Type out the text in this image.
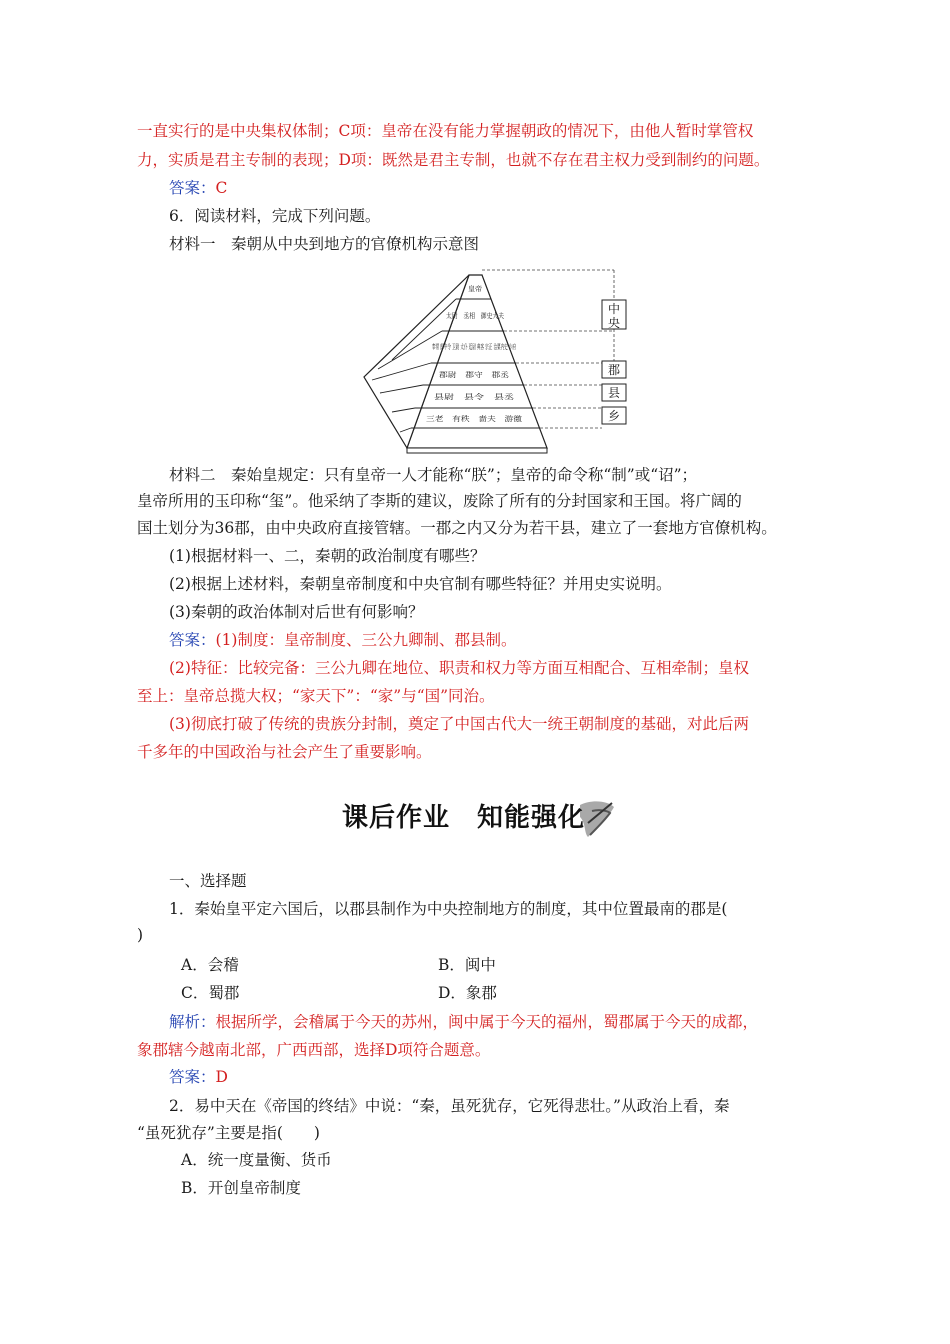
一直实行的是中央集权体制；C项：皇帝在没有能力掌握朝政的情况下，由他人暂时掌管权
力，实质是君主专制的表现；D项：既然是君主专制，也就不存在君主权力受到制约的问题。
答案：C
6．阅读材料，完成下列问题。
材料一　秦朝从中央到地方的官僚机构示意图
皇帝
太尉　丞相　御史大夫
奉常 郎中令 卫尉 太仆 廷尉 典客 宗正 治粟内史 少府
郡尉　郡守　郡丞
县尉　县令　县丞
三老　有秩　啬夫　游徼
中央
郡
县
乡
材料二　秦始皇规定：只有皇帝一人才能称“朕”；皇帝的命令称“制”或“诏”；
皇帝所用的玉印称“玺”。他采纳了李斯的建议，废除了所有的分封国家和王国。将广阔的
国土划分为36郡，由中央政府直接管辖。一郡之内又分为若干县，建立了一套地方官僚机构。
(1)根据材料一、二，秦朝的政治制度有哪些？
(2)根据上述材料，秦朝皇帝制度和中央官制有哪些特征？并用史实说明。
(3)秦朝的政治体制对后世有何影响？
答案：(1)制度：皇帝制度、三公九卿制、郡县制。
(2)特征：比较完备：三公九卿在地位、职责和权力等方面互相配合、互相牵制；皇权
至上：皇帝总揽大权；“家天下”：“家”与“国”同治。
(3)彻底打破了传统的贵族分封制，奠定了中国古代大一统王朝制度的基础，对此后两
千多年的中国政治与社会产生了重要影响。
课后作业　知能强化
一、选择题
1．秦始皇平定六国后，以郡县制作为中央控制地方的制度，其中位置最南的郡是(
)
A．会稽	B．闽中
C．蜀郡	D．象郡
解析：根据所学，会稽属于今天的苏州，闽中属于今天的福州，蜀郡属于今天的成都，
象郡辖今越南北部，广西西部，选择D项符合题意。
答案：D
2．易中天在《帝国的终结》中说：“秦，虽死犹存，它死得悲壮。”从政治上看，秦
“虽死犹存”主要是指(　　)
A．统一度量衡、货币
B．开创皇帝制度
